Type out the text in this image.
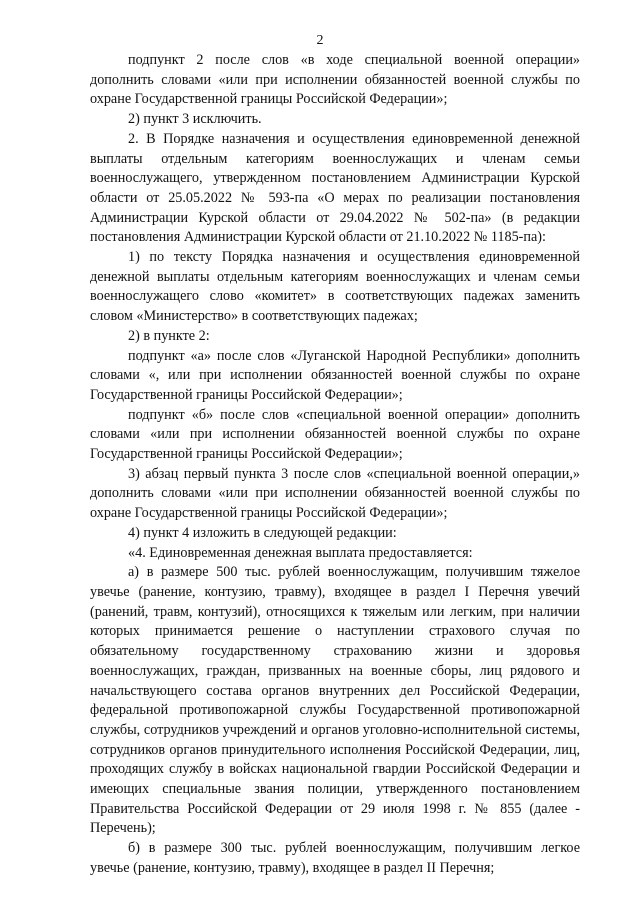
2

подпункт 2 после слов «в ходе специальной военной операции» дополнить словами «или при исполнении обязанностей военной службы по охране Государственной границы Российской Федерации»;

2) пункт 3 исключить.

2. В Порядке назначения и осуществления единовременной денежной выплаты отдельным категориям военнослужащих и членам семьи военнослужащего, утвержденном постановлением Администрации Курской области от 25.05.2022 № 593-па «О мерах по реализации постановления Администрации Курской области от 29.04.2022 № 502-па» (в редакции постановления Администрации Курской области от 21.10.2022 № 1185-па):

1) по тексту Порядка назначения и осуществления единовременной денежной выплаты отдельным категориям военнослужащих и членам семьи военнослужащего слово «комитет» в соответствующих падежах заменить словом «Министерство» в соответствующих падежах;

2) в пункте 2:

подпункт «а» после слов «Луганской Народной Республики» дополнить словами «, или при исполнении обязанностей военной службы по охране Государственной границы Российской Федерации»;

подпункт «б» после слов «специальной военной операции» дополнить словами «или при исполнении обязанностей военной службы по охране Государственной границы Российской Федерации»;

3) абзац первый пункта 3 после слов «специальной военной операции,» дополнить словами «или при исполнении обязанностей военной службы по охране Государственной границы Российской Федерации»;

4) пункт 4 изложить в следующей редакции:

«4. Единовременная денежная выплата предоставляется:

а) в размере 500 тыс. рублей военнослужащим, получившим тяжелое увечье (ранение, контузию, травму), входящее в раздел I Перечня увечий (ранений, травм, контузий), относящихся к тяжелым или легким, при наличии которых принимается решение о наступлении страхового случая по обязательному государственному страхованию жизни и здоровья военнослужащих, граждан, призванных на военные сборы, лиц рядового и начальствующего состава органов внутренних дел Российской Федерации, федеральной противопожарной службы Государственной противопожарной службы, сотрудников учреждений и органов уголовно-исполнительной системы, сотрудников органов принудительного исполнения Российской Федерации, лиц, проходящих службу в войсках национальной гвардии Российской Федерации и имеющих специальные звания полиции, утвержденного постановлением Правительства Российской Федерации от 29 июля 1998 г. № 855 (далее - Перечень);

б) в размере 300 тыс. рублей военнослужащим, получившим легкое увечье (ранение, контузию, травму), входящее в раздел II Перечня;
